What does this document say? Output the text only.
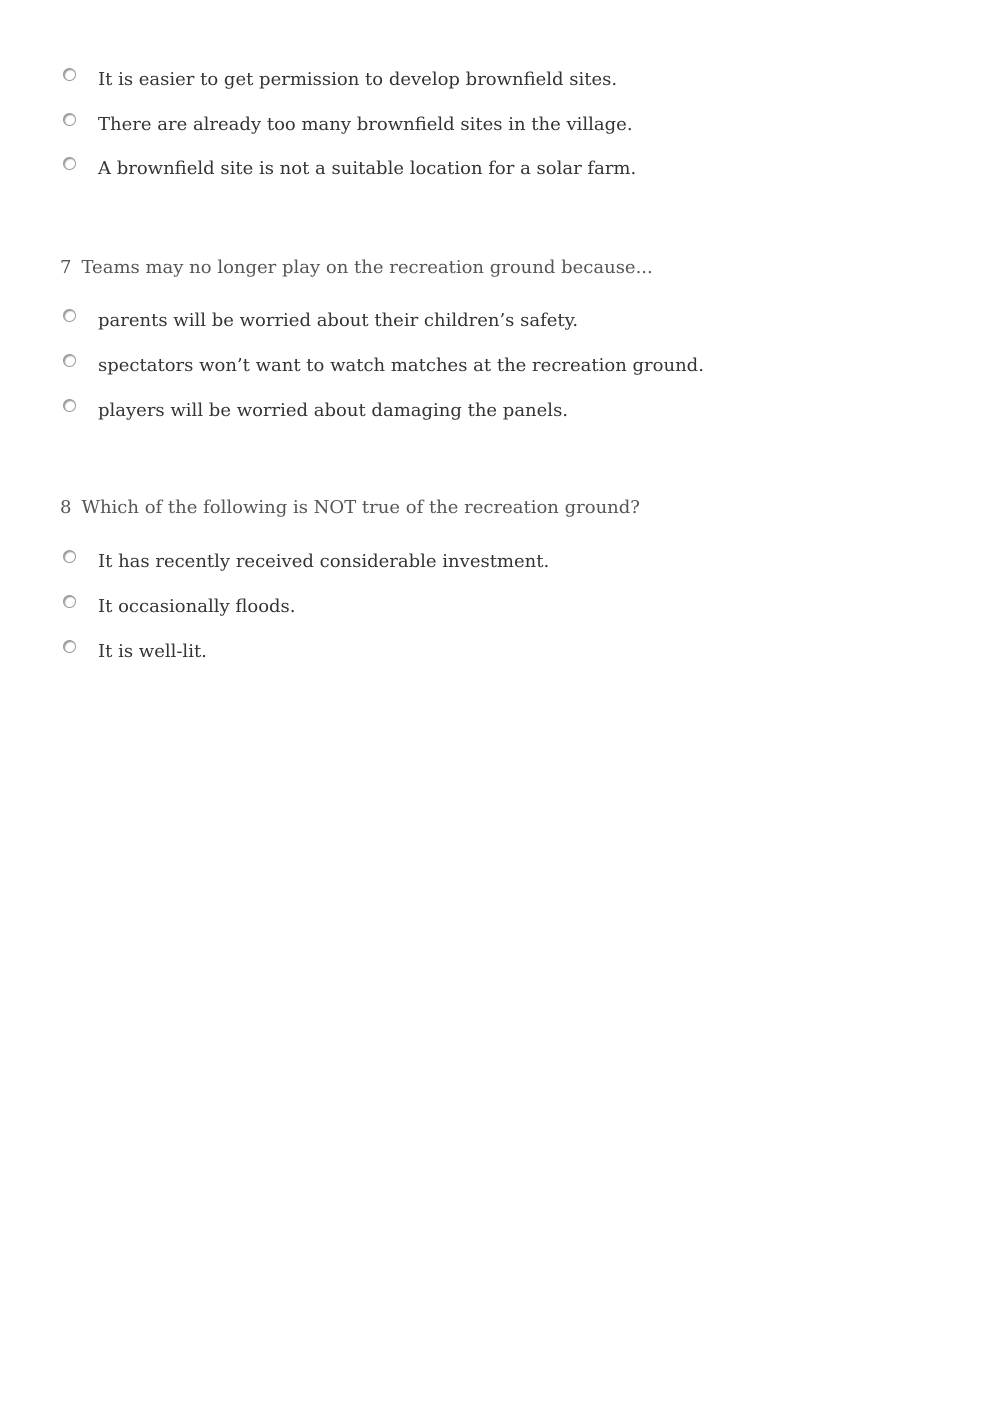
It is easier to get permission to develop brownfield sites.
There are already too many brownfield sites in the village.
A brownfield site is not a suitable location for a solar farm.
7 Teams may no longer play on the recreation ground because...
parents will be worried about their children’s safety.
spectators won’t want to watch matches at the recreation ground.
players will be worried about damaging the panels.
8 Which of the following is NOT true of the recreation ground?
It has recently received considerable investment.
It occasionally floods.
It is well-lit.
